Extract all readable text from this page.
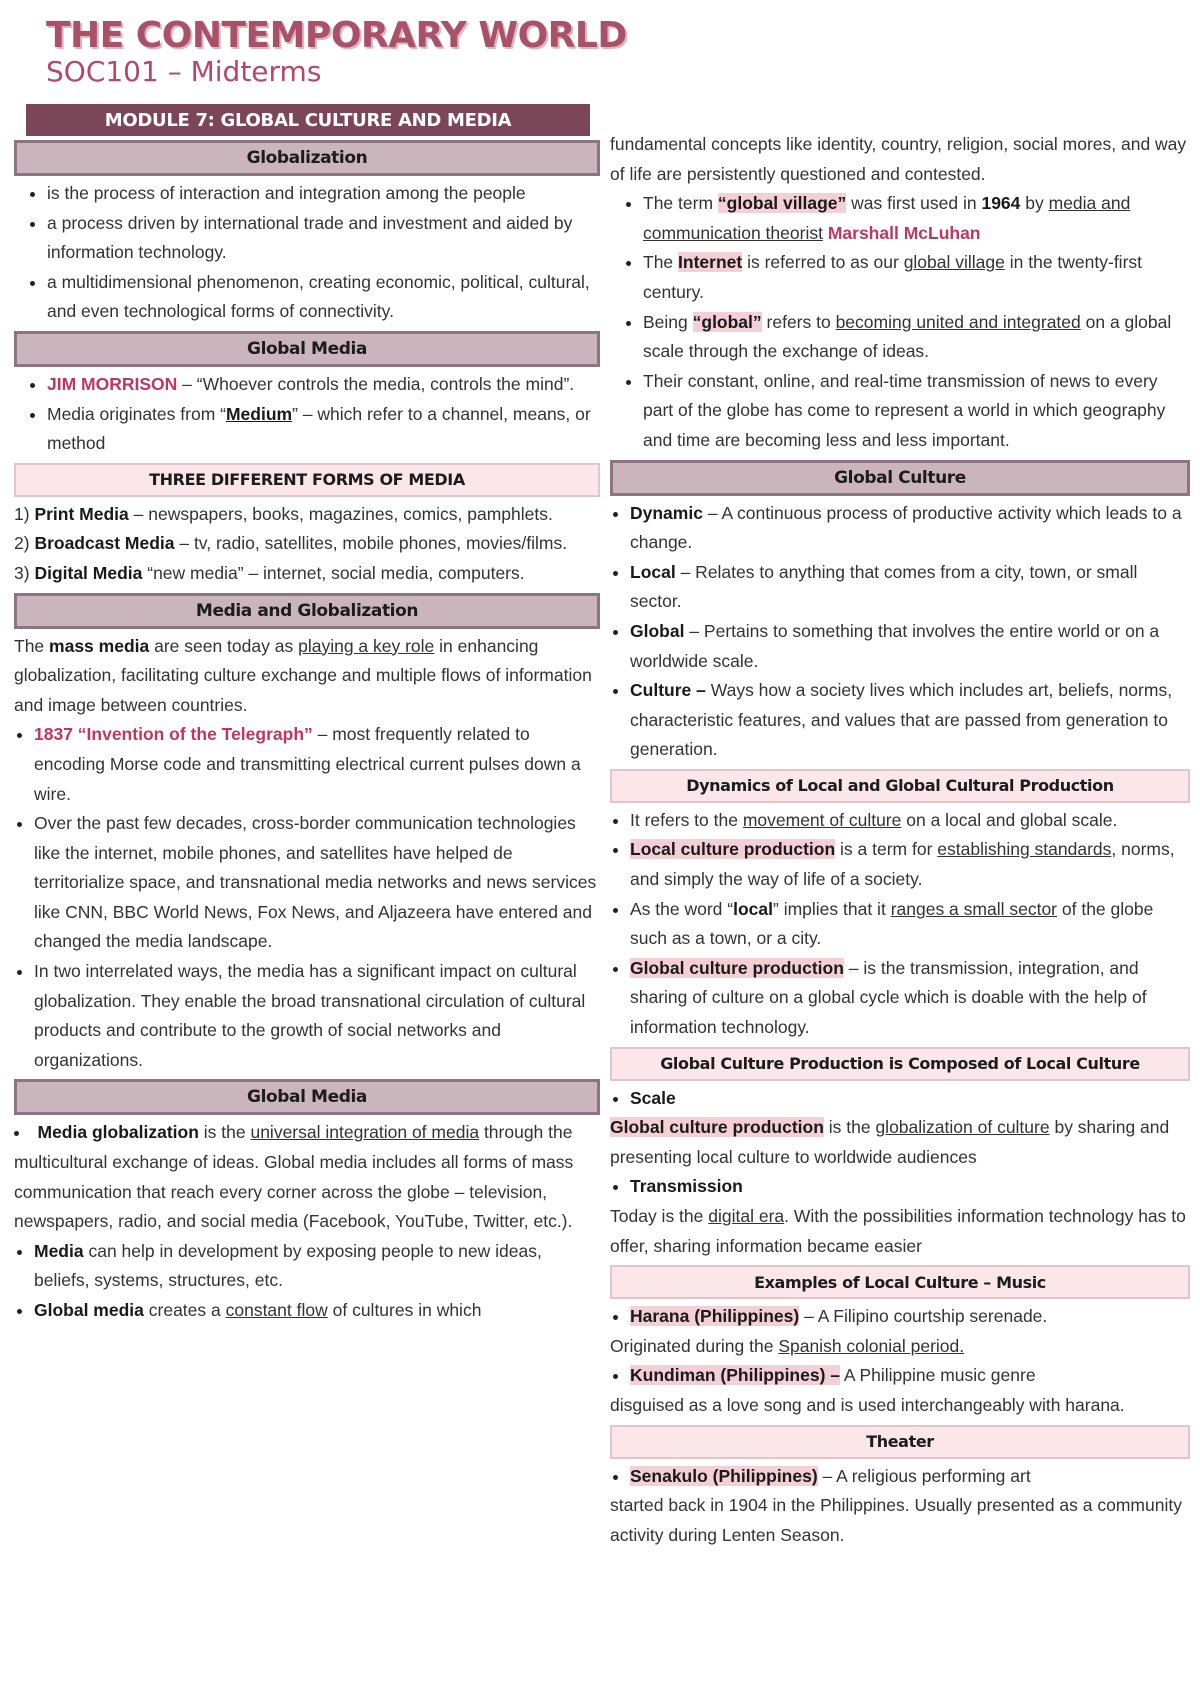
THE CONTEMPORARY WORLD
SOC101 – Midterms
MODULE 7: GLOBAL CULTURE AND MEDIA
Globalization
• is the process of interaction and integration among the people
• a process driven by international trade and investment and aided by information technology.
• a multidimensional phenomenon, creating economic, political, cultural, and even technological forms of connectivity.
Global Media
• JIM MORRISON – “Whoever controls the media, controls the mind”.
• Media originates from “Medium” – which refer to a channel, means, or method
THREE DIFFERENT FORMS OF MEDIA

1) Print Media – newspapers, books, magazines, comics, pamphlets.

2) Broadcast Media – tv, radio, satellites, mobile phones, movies/films.

3) Digital Media “new media” – internet, social media, computers.

Media and Globalization

The mass media are seen today as playing a key role in enhancing globalization, facilitating culture exchange and multiple flows of information and image between countries.

• 1837 “Invention of the Telegraph” – most frequently related to encoding Morse code and transmitting electrical current pulses down a wire.
• Over the past few decades, cross-border communication technologies like the internet, mobile phones, and satellites have helped de territorialize space, and transnational media networks and news services like CNN, BBC World News, Fox News, and Aljazeera have entered and changed the media landscape.
• In two interrelated ways, the media has a significant impact on cultural globalization. They enable the broad transnational circulation of cultural products and contribute to the growth of social networks and organizations.
Global Media
• Media globalization is the universal integration of media through the multicultural exchange of ideas. Global media includes all forms of mass communication that reach every corner across the globe – television, newspapers, radio, and social media (Facebook, YouTube, Twitter, etc.).
• Media can help in development by exposing people to new ideas, beliefs, systems, structures, etc.
• Global media creates a constant flow of cultures in which

fundamental concepts like identity, country, religion, social mores, and way of life are persistently questioned and contested.

• The term “global village” was first used in 1964 by media and communication theorist Marshall McLuhan
• The Internet is referred to as our global village in the twenty-first century.
• Being “global” refers to becoming united and integrated on a global scale through the exchange of ideas.
• Their constant, online, and real-time transmission of news to every part of the globe has come to represent a world in which geography and time are becoming less and less important.
Global Culture
• Dynamic – A continuous process of productive activity which leads to a change.
• Local – Relates to anything that comes from a city, town, or small sector.
• Global – Pertains to something that involves the entire world or on a worldwide scale.
• Culture – Ways how a society lives which includes art, beliefs, norms, characteristic features, and values that are passed from generation to generation.
Dynamics of Local and Global Cultural Production
• It refers to the movement of culture on a local and global scale.
• Local culture production is a term for establishing standards, norms, and simply the way of life of a society.
• As the word “local” implies that it ranges a small sector of the globe such as a town, or a city.
• Global culture production – is the transmission, integration, and sharing of culture on a global cycle which is doable with the help of information technology.
Global Culture Production is Composed of Local Culture
• Scale

Global culture production is the globalization of culture by sharing and presenting local culture to worldwide audiences

• Transmission

Today is the digital era. With the possibilities information technology has to offer, sharing information became easier

Examples of Local Culture – Music
• Harana (Philippines) – A Filipino courtship serenade.

Originated during the Spanish colonial period.

• Kundiman (Philippines) – A Philippine music genre

disguised as a love song and is used interchangeably with harana.

Theater
• Senakulo (Philippines) – A religious performing art

started back in 1904 in the Philippines. Usually presented as a community activity during Lenten Season.
